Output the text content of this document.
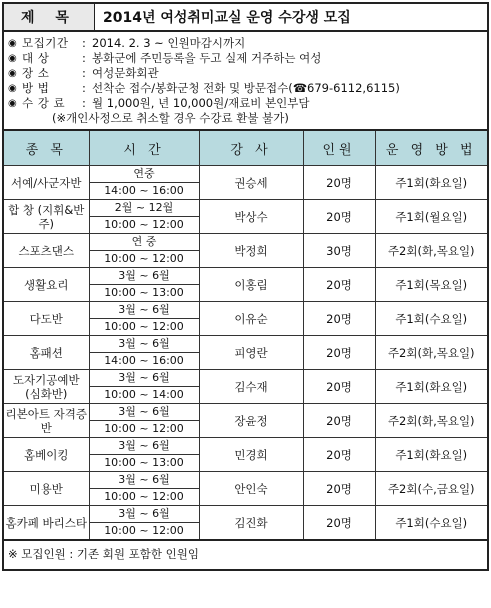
제 목	2014년 여성취미교실 운영 수강생 모집
◉ 모집기간	: 2014. 2. 3 ~ 인원마감시까지
◉ 대 상	: 봉화군에 주민등록을 두고 실제 거주하는 여성
◉ 장 소	: 여성문화회관
◉ 방 법	: 선착순 접수/봉화군청 전화 및 방문접수(☎679-6112,6115)
◉ 수 강 료	: 월 1,000원, 년 10,000원/재료비 본인부담
(※개인사정으로 취소할 경우 수강료 환불 불가)
종 목	시 간	강 사	인원	운 영 방 법
서예/사군자반	연중	권승세	20명	주1회(화요일)
	14:00 ~ 16:00			
합 창 (지휘&반주)	2월 ~ 12월	박상수	20명	주1회(월요일)
	10:00 ~ 12:00			
스포츠댄스	연 중	박정희	30명	주2회(화,목요일)
	10:00 ~ 12:00			
생활요리	3월 ~ 6월	이홍림	20명	주1회(목요일)
	10:00 ~ 13:00			
다도반	3월 ~ 6월	이유순	20명	주1회(수요일)
	10:00 ~ 12:00			
홈패션	3월 ~ 6월	피영란	20명	주2회(화,목요일)
	14:00 ~ 16:00			
도자기공예반 (심화반)	3월 ~ 6월	김수재	20명	주1회(화요일)
	10:00 ~ 14:00			
리본아트 자격증반	3월 ~ 6월	장윤정	20명	주2회(화,목요일)
	10:00 ~ 12:00			
홈베이킹	3월 ~ 6월	민경희	20명	주1회(화요일)
	10:00 ~ 13:00			
미용반	3월 ~ 6월	안인숙	20명	주2회(수,금요일)
	10:00 ~ 12:00			
홈카페 바리스타	3월 ~ 6월	김진화	20명	주1회(수요일)
	10:00 ~ 12:00			
※ 모집인원 : 기존 회원 포함한 인원임
